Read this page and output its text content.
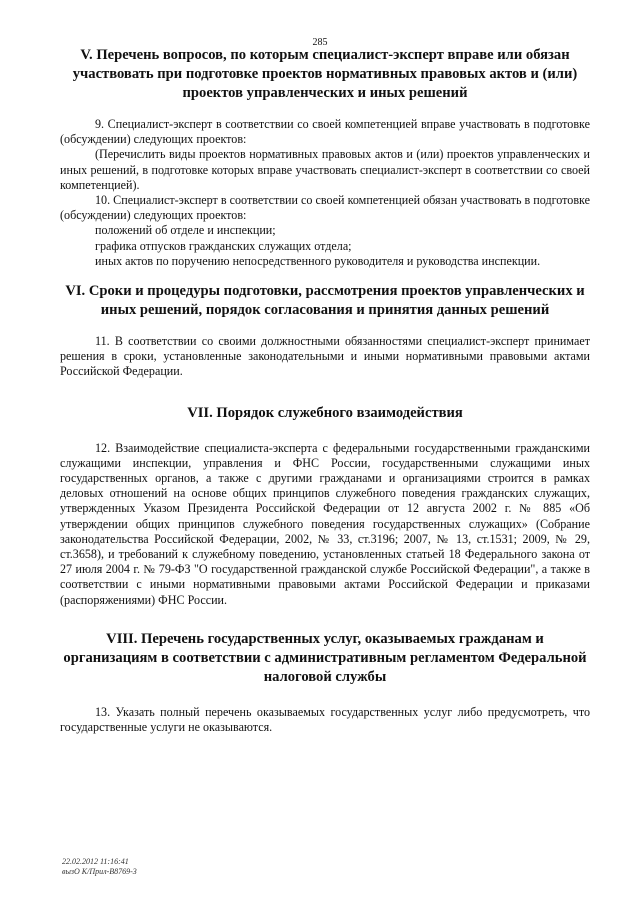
285
V. Перечень вопросов, по которым специалист-эксперт вправе или обязан участвовать при подготовке проектов нормативных правовых актов и (или) проектов управленческих и иных решений

9. Специалист-эксперт в соответствии со своей компетенцией вправе участвовать в подготовке (обсуждении) следующих проектов:

(Перечислить виды проектов нормативных правовых актов и (или) проектов управленческих и иных решений, в подготовке которых вправе участвовать специалист-эксперт в соответствии со своей компетенцией).

10. Специалист-эксперт в соответствии со своей компетенцией обязан участвовать в подготовке (обсуждении) следующих проектов:

положений об отделе и инспекции;

графика отпусков гражданских служащих отдела;

иных актов по поручению непосредственного руководителя и руководства инспекции.

VI. Сроки и процедуры подготовки, рассмотрения проектов управленческих и иных решений, порядок согласования и принятия данных решений

11. В соответствии со своими должностными обязанностями специалист-эксперт принимает решения в сроки, установленные законодательными и иными нормативными правовыми актами Российской Федерации.

VII. Порядок служебного взаимодействия

12. Взаимодействие специалиста-эксперта с федеральными государственными гражданскими служащими инспекции, управления и ФНС России, государственными служащими иных государственных органов, а также с другими гражданами и организациями строится в рамках деловых отношений на основе общих принципов служебного поведения гражданских служащих, утвержденных Указом Президента Российской Федерации от 12 августа 2002 г. № 885 «Об утверждении общих принципов служебного поведения государственных служащих» (Собрание законодательства Российской Федерации, 2002, № 33, ст.3196; 2007, № 13, ст.1531; 2009, № 29, ст.3658), и требований к служебному поведению, установленных статьей 18 Федерального закона от 27 июля 2004 г. № 79-ФЗ "О государственной гражданской службе Российской Федерации", а также в соответствии с иными нормативными правовыми актами Российской Федерации и приказами (распоряжениями) ФНС России.

VIII. Перечень государственных услуг, оказываемых гражданам и организациям в соответствии с административным регламентом Федеральной налоговой службы

13. Указать полный перечень оказываемых государственных услуг либо предусмотреть, что государственные услуги не оказываются.

22.02.2012 11:16:41
вызО К/Прил-B8769-3
